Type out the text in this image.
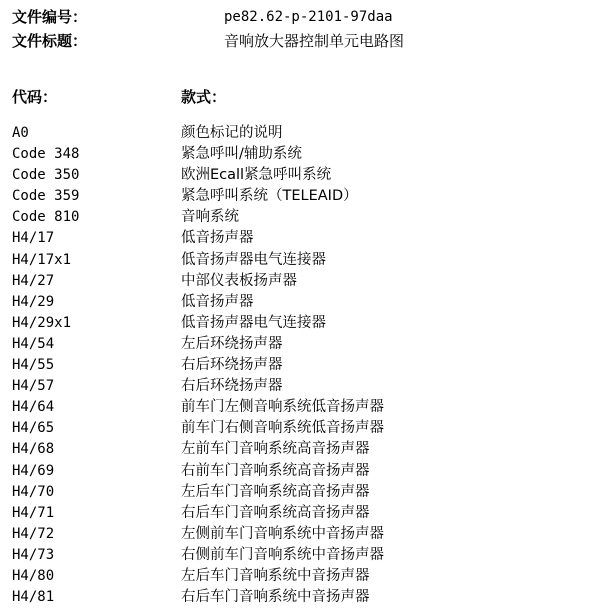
文件编号：	pe82.62-p-2101-97daa
文件标题：	音响放大器控制单元电路图
代码：	款式：
A0	颜色标记的说明
Code 348	紧急呼叫/辅助系统
Code 350	欧洲Ecall紧急呼叫系统
Code 359	紧急呼叫系统（TELEAID）
Code 810	音响系统
H4/17	低音扬声器
H4/17x1	低音扬声器电气连接器
H4/27	中部仪表板扬声器
H4/29	低音扬声器
H4/29x1	低音扬声器电气连接器
H4/54	左后环绕扬声器
H4/55	右后环绕扬声器
H4/57	右后环绕扬声器
H4/64	前车门左侧音响系统低音扬声器
H4/65	前车门右侧音响系统低音扬声器
H4/68	左前车门音响系统高音扬声器
H4/69	右前车门音响系统高音扬声器
H4/70	左后车门音响系统高音扬声器
H4/71	右后车门音响系统高音扬声器
H4/72	左侧前车门音响系统中音扬声器
H4/73	右侧前车门音响系统中音扬声器
H4/80	左后车门音响系统中音扬声器
H4/81	右后车门音响系统中音扬声器
